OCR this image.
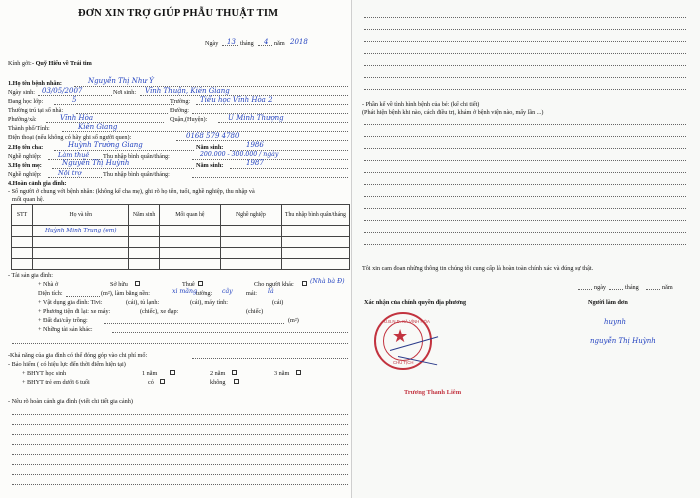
ĐƠN XIN TRỢ GIÚP PHẪU THUẬT TIM
Ngày 13 tháng 4 năm 2018
Kính gởi: - Quỹ Hiểu về Trái tim
1.Họ tên bệnh nhân:	Nguyễn Thị Như Ý
Ngày sinh: 03/05/2007	Nơi sinh: Vĩnh Thuận, Kiên Giang
Đang học lớp:	5	Trường: Tiểu học Vĩnh Hòa 2
Thường trú tại số nhà:	Đường:
Phường/xã:	Vĩnh Hòa	Quận,(Huyện):	U Minh Thượng
Thành phố/Tỉnh:	Kiên Giang
Điện thoại (nếu không có hãy ghi số người quen):	0168 579 4780
2.Họ tên cha:	Huỳnh Trường Giang	Năm sinh:	1986
Nghề nghiệp:	Làm thuê Thu nhập bình quân/tháng:	200.000 - 300.000 / ngày
3.Họ tên mẹ:	Nguyễn Thị Huỳnh	Năm sinh:	1987
Nghề nghiệp:	Nội trợ	Thu nhập bình quân/tháng:
4.Hoàn cảnh gia đình:
- Số người ở chung với bệnh nhân: (không kể cha mẹ), ghi rõ họ tên, tuổi, nghề nghiệp, thu nhập và
mối quan hệ.
STT	Họ và tên	Năm sinh	Mối quan hệ	Nghề nghiệp	Thu nhập bình quân/tháng
	Huỳnh Minh Trung (em)				

- Tài sản gia đình:
+ Nhà ở	Sở hữu	Thuê	Cho người khác	(Nhà bà Đ)
Diện tích:	(m²), làm bằng nền:	xi măng tường: cây mái: lá
+ Vật dụng gia đình: Tivi:	(cái), tủ lạnh:	(cái), máy tính:	(cái)
+ Phương tiện đi lại: xe máy:	(chiếc), xe đạp:	(chiếc)
+ Đất đai/cây trồng:	(m²)
+ Những tài sản khác:
-Khả năng của gia đình có thể đóng góp vào chi phí mổ:
- Bảo hiểm ( có hiệu lực đến thời điểm hiện tại)
+ BHYT học sinh	1 năm	2 năm	3 năm
+ BHYT trẻ em dưới 6 tuổi	có	không
- Nêu rõ hoàn cảnh gia đình (viết chi tiết gia cảnh)
- Phần kể về tình hình bệnh của bé: (kể chi tiết)
(Phát hiện bệnh khi nào, cách điều trị, khám ở bệnh viện nào, mấy lần ...)
Tôi xin cam đoan những thông tin chúng tôi cung cấp là hoàn toàn chính xác và đúng sự thật.
ngày	tháng	năm
Xác nhận của chính quyền địa phương	Người làm đơn
★
U.B.N.D. XÃ VĨNH HÒA
CHỦ TỊCH
Trương Thanh Liêm
huynh
nguyễn Thị Huỳnh
